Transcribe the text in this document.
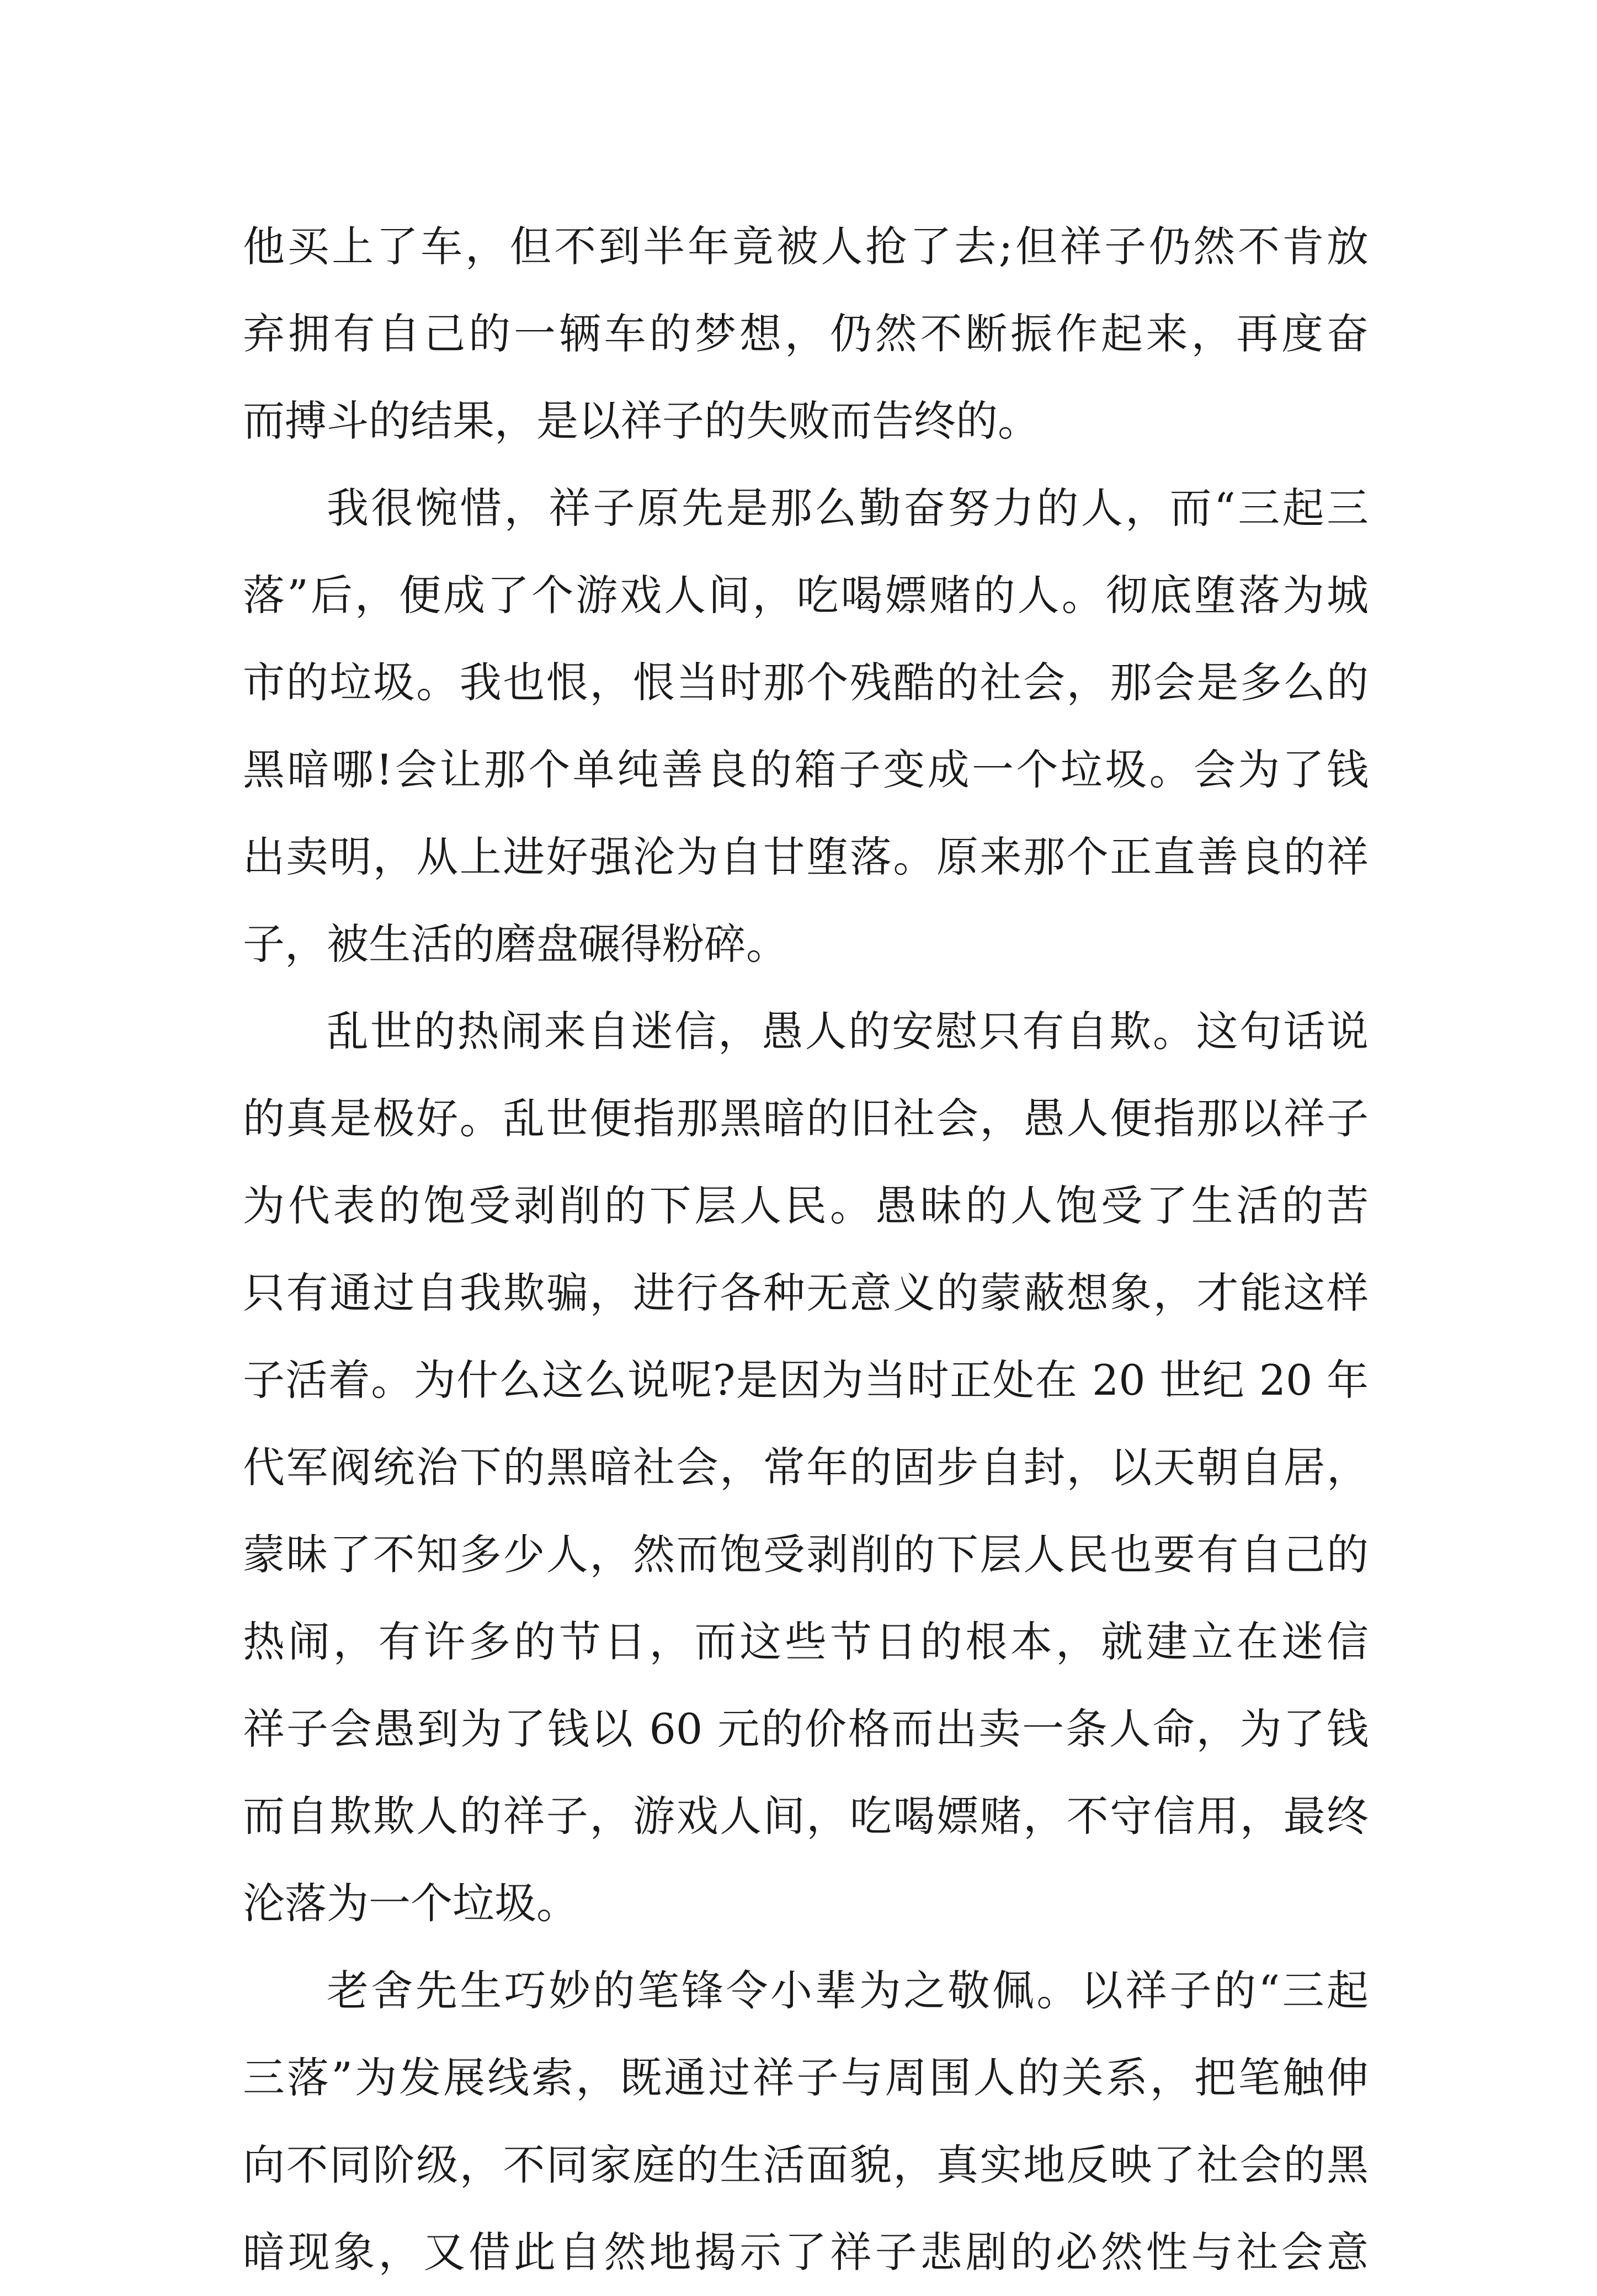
他买上了车，但不到半年竟被人抢了去;但祥子仍然不肯放
弃拥有自己的一辆车的梦想，仍然不断振作起来，再度奋
而搏斗的结果，是以祥子的失败而告终的。
我很惋惜，祥子原先是那么勤奋努力的人，而“三起三
落”后，便成了个游戏人间，吃喝嫖赌的人。彻底堕落为城
市的垃圾。我也恨，恨当时那个残酷的社会，那会是多么的
黑暗哪!会让那个单纯善良的箱子变成一个垃圾。会为了钱
出卖明，从上进好强沦为自甘堕落。原来那个正直善良的祥
子，被生活的磨盘碾得粉碎。
乱世的热闹来自迷信，愚人的安慰只有自欺。这句话说
的真是极好。乱世便指那黑暗的旧社会，愚人便指那以祥子
为代表的饱受剥削的下层人民。愚昧的人饱受了生活的苦
只有通过自我欺骗，进行各种无意义的蒙蔽想象，才能这样
子活着。为什么这么说呢?是因为当时正处在 20 世纪 20 年
代军阀统治下的黑暗社会，常年的固步自封，以天朝自居，
蒙昧了不知多少人，然而饱受剥削的下层人民也要有自己的
热闹，有许多的节日，而这些节日的根本，就建立在迷信
祥子会愚到为了钱以 60 元的价格而出卖一条人命，为了钱
而自欺欺人的祥子，游戏人间，吃喝嫖赌，不守信用，最终
沦落为一个垃圾。
老舍先生巧妙的笔锋令小辈为之敬佩。以祥子的“三起
三落”为发展线索，既通过祥子与周围人的关系，把笔触伸
向不同阶级，不同家庭的生活面貌，真实地反映了社会的黑
暗现象，又借此自然地揭示了祥子悲剧的必然性与社会意
